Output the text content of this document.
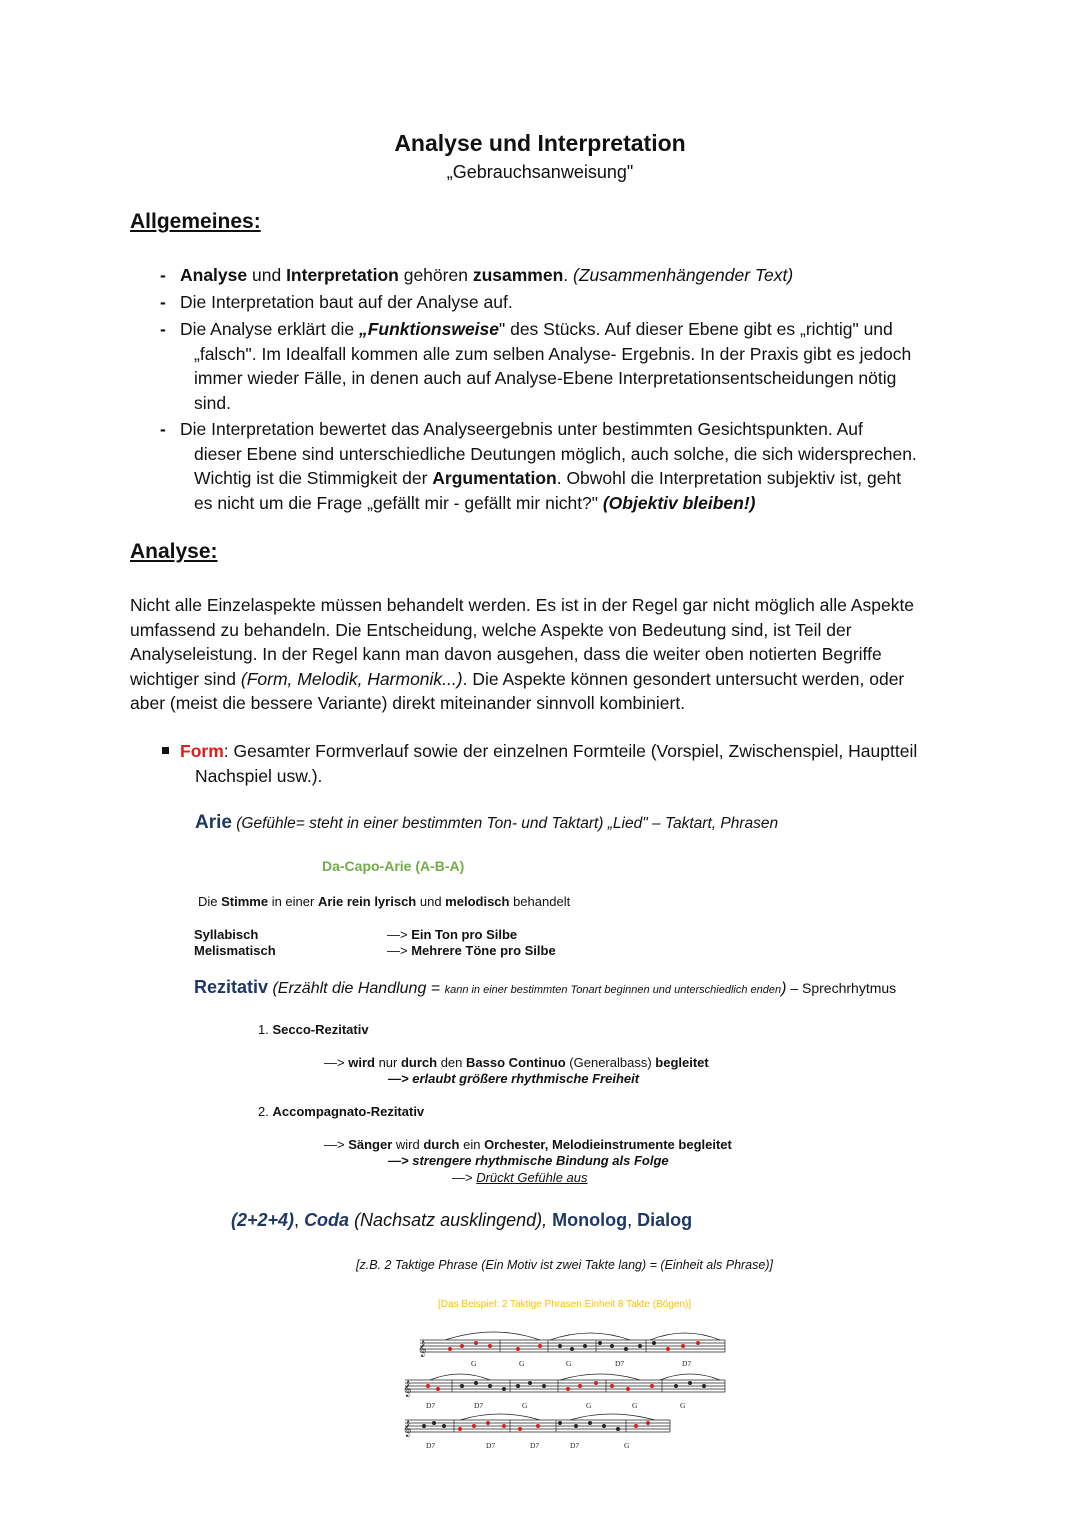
Analyse und Interpretation
„Gebrauchsanweisung"
Allgemeines:
- Analyse und Interpretation gehören zusammen. (Zusammenhängender Text)
- Die Interpretation baut auf der Analyse auf.
- Die Analyse erklärt die „Funktionsweise" des Stücks. Auf dieser Ebene gibt es „richtig" und
„falsch". Im Idealfall kommen alle zum selben Analyse- Ergebnis. In der Praxis gibt es jedoch
immer wieder Fälle, in denen auch auf Analyse-Ebene Interpretationsentscheidungen nötig
sind.
- Die Interpretation bewertet das Analyseergebnis unter bestimmten Gesichtspunkten. Auf
dieser Ebene sind unterschiedliche Deutungen möglich, auch solche, die sich widersprechen.
Wichtig ist die Stimmigkeit der Argumentation. Obwohl die Interpretation subjektiv ist, geht
es nicht um die Frage „gefällt mir - gefällt mir nicht?" (Objektiv bleiben!)
Analyse:
Nicht alle Einzelaspekte müssen behandelt werden. Es ist in der Regel gar nicht möglich alle Aspekte
umfassend zu behandeln. Die Entscheidung, welche Aspekte von Bedeutung sind, ist Teil der
Analyseleistung. In der Regel kann man davon ausgehen, dass die weiter oben notierten Begriffe
wichtiger sind (Form, Melodik, Harmonik...). Die Aspekte können gesondert untersucht werden, oder
aber (meist die bessere Variante) direkt miteinander sinnvoll kombiniert.
Form: Gesamter Formverlauf sowie der einzelnen Formteile (Vorspiel, Zwischenspiel, Hauptteil
Nachspiel usw.).
Arie (Gefühle= steht in einer bestimmten Ton- und Taktart) „Lied" – Taktart, Phrasen
Da-Capo-Arie (A-B-A)
Die Stimme in einer Arie rein lyrisch und melodisch behandelt
Syllabisch	—> Ein Ton pro Silbe
Melismatisch	—> Mehrere Töne pro Silbe
Rezitativ (Erzählt die Handlung = kann in einer bestimmten Tonart beginnen und unterschiedlich enden) – Sprechrhytmus
1. Secco-Rezitativ
—> wird nur durch den Basso Continuo (Generalbass) begleitet
—> erlaubt größere rhythmische Freiheit
2. Accompagnato-Rezitativ
—> Sänger wird durch ein Orchester, Melodieinstrumente begleitet
—> strengere rhythmische Bindung als Folge
—> Drückt Gefühle aus
(2+2+4), Coda (Nachsatz ausklingend), Monolog, Dialog
[z.B. 2 Taktige Phrase (Ein Motiv ist zwei Takte lang) = (Einheit als Phrase)]
[Das Beispiel: 2 Taktige Phrasen Einheit 8 Takte (Bögen)]
𝄞
𝄞
𝄞
G	G	G	D7	D7
D7	D7	G	G	G	G
D7	D7	D7	D7	G
